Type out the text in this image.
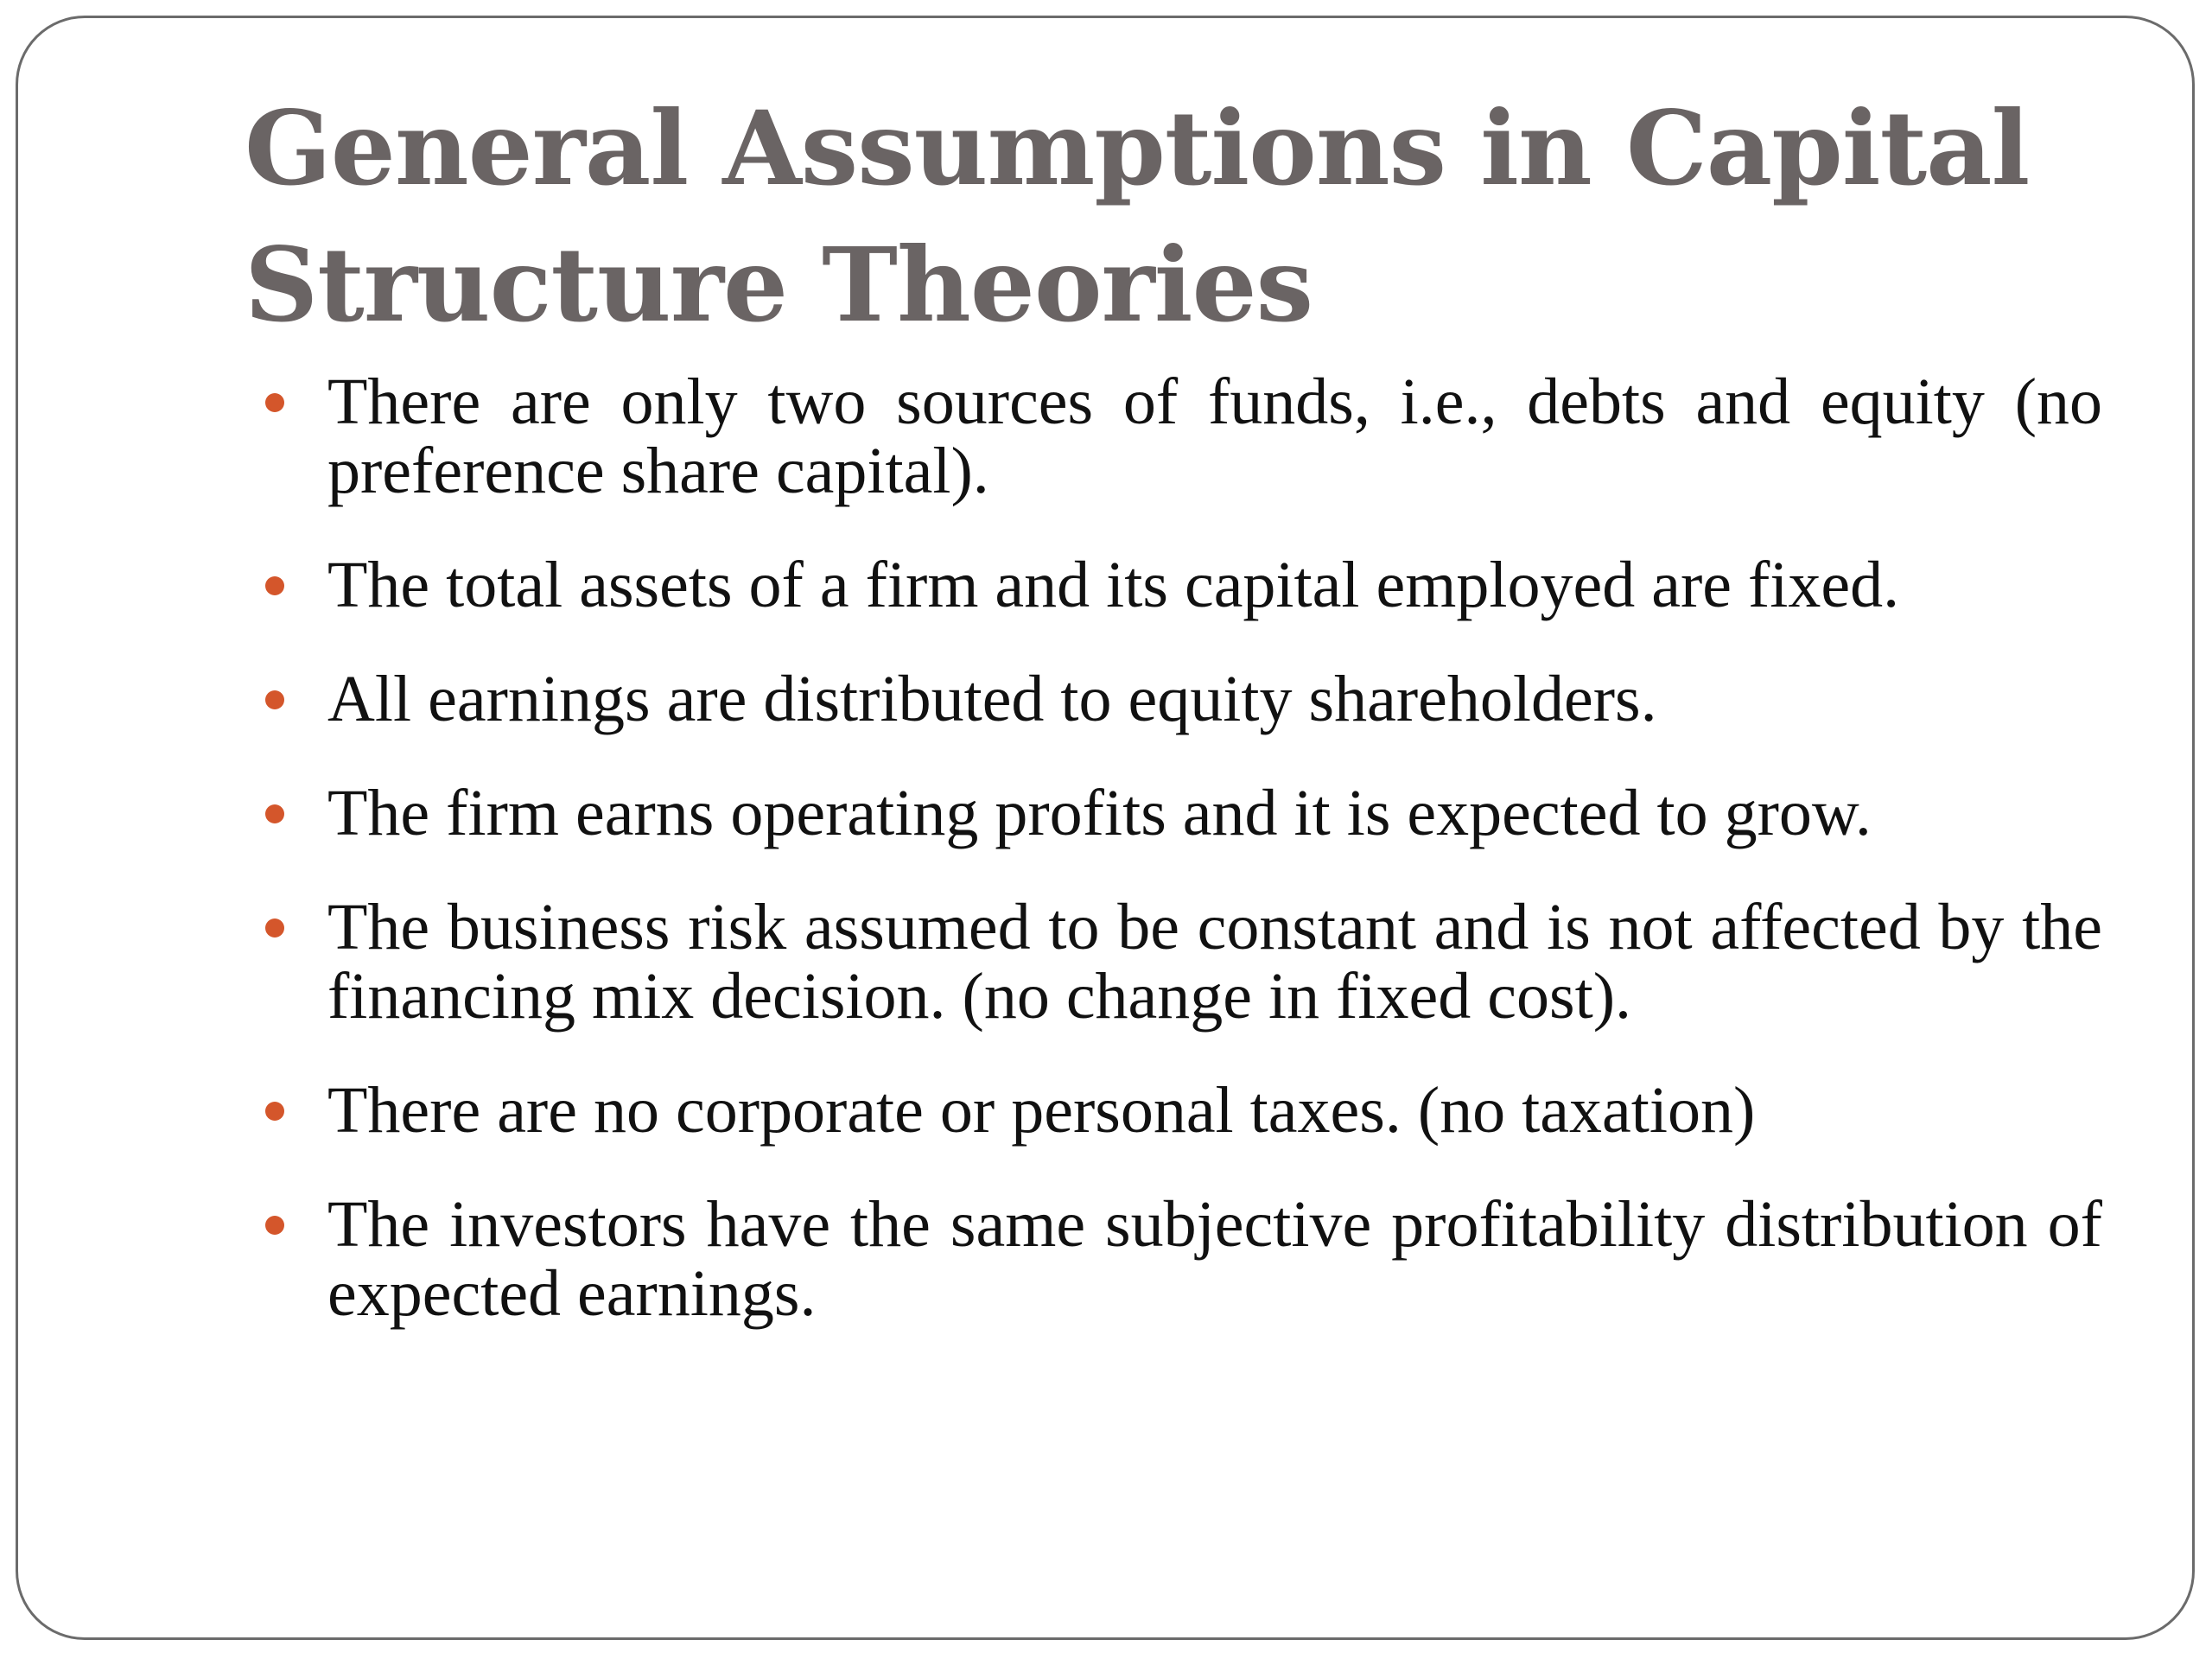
General Assumptions in Capital Structure Theories
There are only two sources of funds, i.e., debts and equity (no preference share capital).
The total assets of a firm and its capital employed are fixed.
All earnings are distributed to equity shareholders.
The firm earns operating profits and it is expected to grow.
The business risk assumed to be constant and is not affected by the financing mix decision. (no change in fixed cost).
There are no corporate or personal taxes. (no taxation)
The investors have the same subjective profitability distribution of expected earnings.
